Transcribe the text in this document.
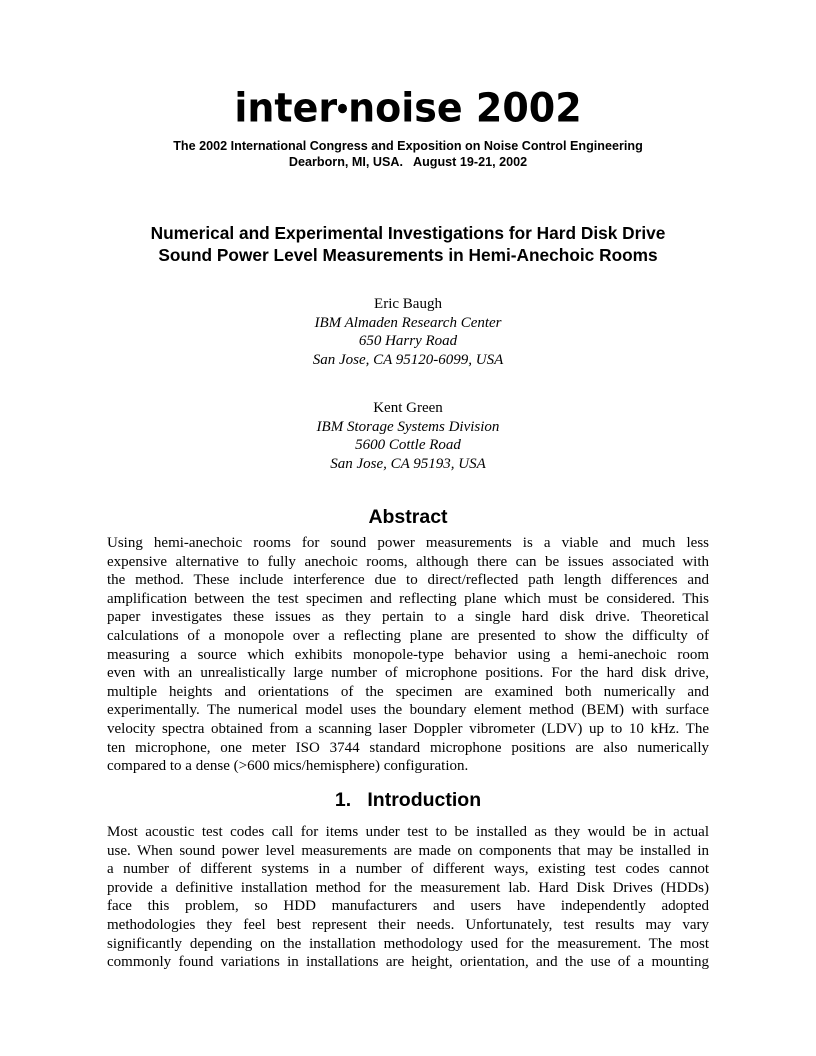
inter noise 2002
The 2002 International Congress and Exposition on Noise Control Engineering
Dearborn, MI, USA.   August 19-21, 2002
Numerical and Experimental Investigations for Hard Disk Drive
Sound Power Level Measurements in Hemi-Anechoic Rooms
Eric Baugh
IBM Almaden Research Center
650 Harry Road
San Jose, CA 95120-6099, USA
Kent Green
IBM Storage Systems Division
5600 Cottle Road
San Jose, CA 95193, USA
Abstract
Using hemi-anechoic rooms for sound power measurements is a viable and much less
expensive alternative to fully anechoic rooms, although there can be issues associated with
the method. These include interference due to direct/reflected path length differences and
amplification between the test specimen and reflecting plane which must be considered. This
paper investigates these issues as they pertain to a single hard disk drive. Theoretical
calculations of a monopole over a reflecting plane are presented to show the difficulty of
measuring a source which exhibits monopole-type behavior using a hemi-anechoic room
even with an unrealistically large number of microphone positions. For the hard disk drive,
multiple heights and orientations of the specimen are examined both numerically and
experimentally. The numerical model uses the boundary element method (BEM) with surface
velocity spectra obtained from a scanning laser Doppler vibrometer (LDV) up to 10 kHz. The
ten microphone, one meter ISO 3744 standard microphone positions are also numerically
compared to a dense (>600 mics/hemisphere) configuration.
1.   Introduction
Most acoustic test codes call for items under test to be installed as they would be in actual
use. When sound power level measurements are made on components that may be installed in
a number of different systems in a number of different ways, existing test codes cannot
provide a definitive installation method for the measurement lab. Hard Disk Drives (HDDs)
face this problem, so HDD manufacturers and users have independently adopted
methodologies they feel best represent their needs. Unfortunately, test results may vary
significantly depending on the installation methodology used for the measurement. The most
commonly found variations in installations are height, orientation, and the use of a mounting
